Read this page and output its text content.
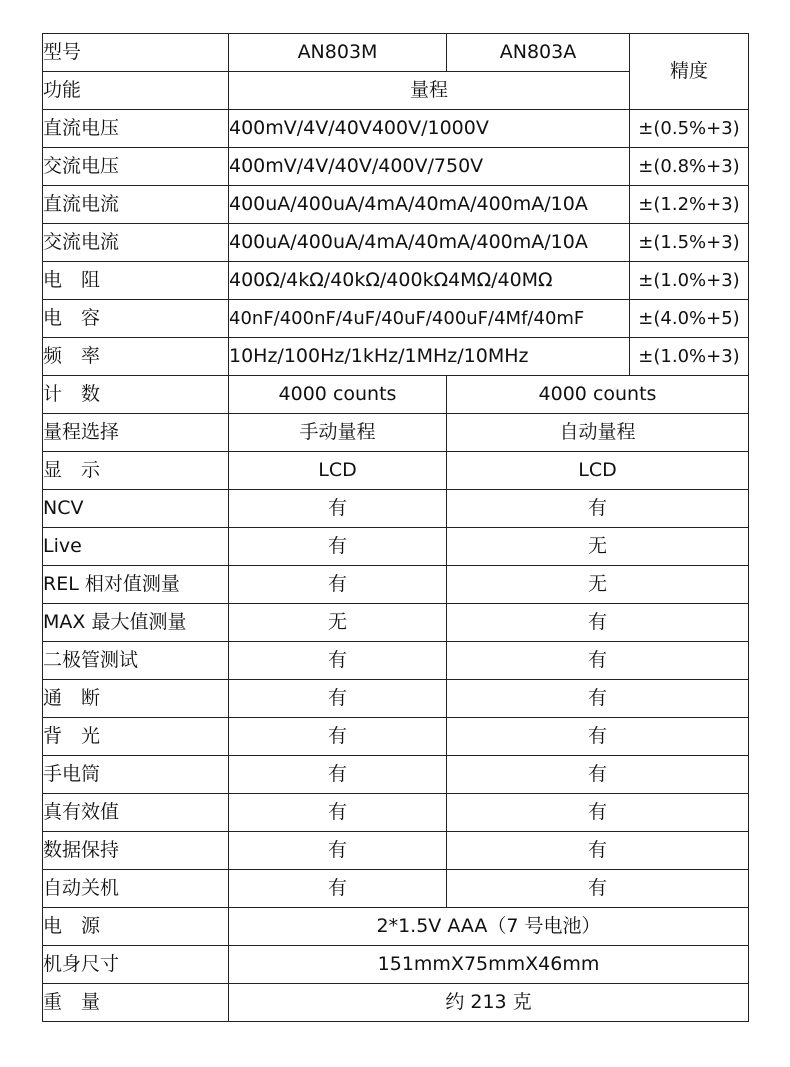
型号	AN803M	AN803A	精度
功能	量程		
直流电压	400mV/4V/40V400V/1000V		±(0.5%+3)
交流电压	400mV/4V/40V/400V/750V		±(0.8%+3)
直流电流	400uA/400uA/4mA/40mA/400mA/10A		±(1.2%+3)
交流电流	400uA/400uA/4mA/40mA/400mA/10A		±(1.5%+3)
电　阻	400Ω/4kΩ/40kΩ/400kΩ4MΩ/40MΩ		±(1.0%+3)
电　容	40nF/400nF/4uF/40uF/400uF/4Mf/40mF		±(4.0%+5)
频　率	10Hz/100Hz/1kHz/1MHz/10MHz		±(1.0%+3)
计　数	4000 counts	4000 counts	
量程选择	手动量程	自动量程	
显　示	LCD	LCD	
NCV	有	有	
Live	有	无	
REL 相对值测量	有	无	
MAX 最大值测量	无	有	
二极管测试	有	有	
通　断	有	有	
背　光	有	有	
手电筒	有	有	
真有效值	有	有	
数据保持	有	有	
自动关机	有	有	
电　源	2*1.5V AAA（7 号电池）		
机身尺寸	151mmX75mmX46mm		
重　量	约 213 克		
